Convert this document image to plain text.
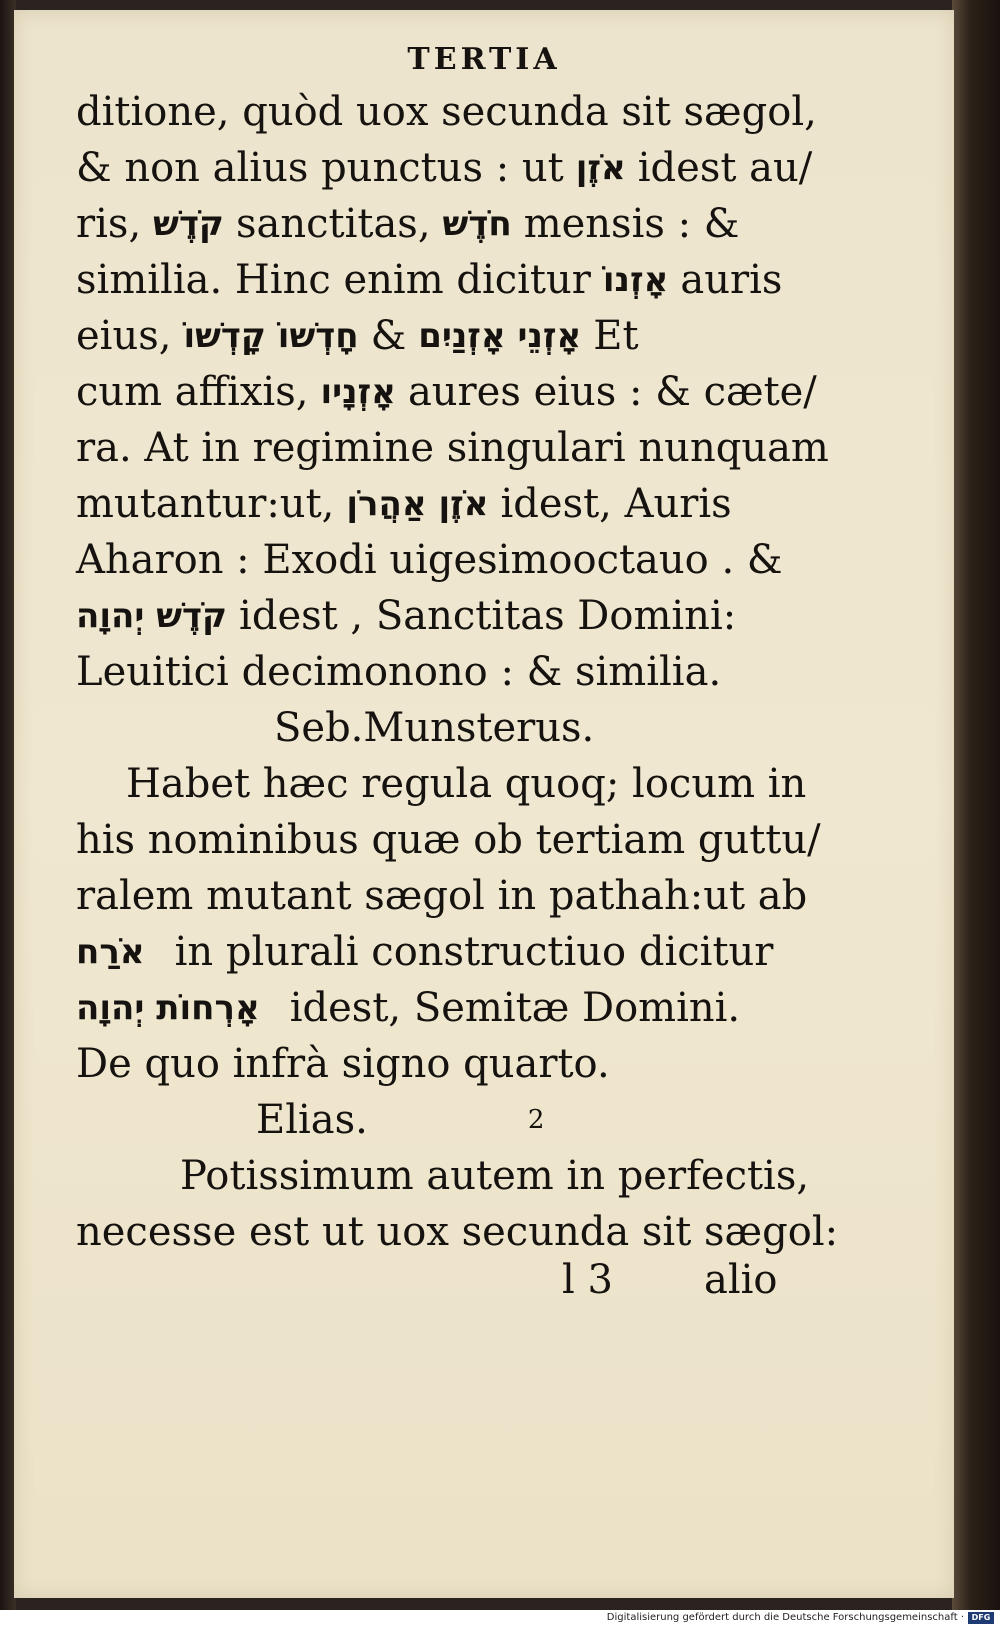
TERTIA
ditione, quòd uox secunda sit sægol,
& non alius punctus : ut אֹזֶן idest au/
ris, קֹדֶשׁ sanctitas, חֹדֶשׁ mensis : &
similia. Hinc enim dicitur אָזְנוֹ auris
eius, חָדְשׁוֹ קָדְשׁוֹ & אָזְנֵי אָזְנַיִם Et
cum affixis, אָזְנָיו aures eius : & cæte/
ra. At in regimine singulari nunquam
mutantur:ut, אֹזֶן אַהֲרֹן idest, Auris
Aharon : Exodi uigesimooctauo . &
קֹדֶשׁ יְהוָה idest , Sanctitas Domini:
Leuitici decimonono : & similia.
Seb.Munsterus.
Habet hæc regula quoq; locum in
his nominibus quæ ob tertiam guttu/
ralem mutant sægol in pathah:ut ab
אֹרַח in plurali constructiuo dicitur
אָרְחוֹת יְהוָה idest, Semitæ Domini.
De quo infrà signo quarto.
Elias.	2
Potissimum autem in perfectis,
necesse est ut uox secunda sit sægol:
l 3 alio
Digitalisierung gefördert durch die Deutsche Forschungsgemeinschaft · DFG
